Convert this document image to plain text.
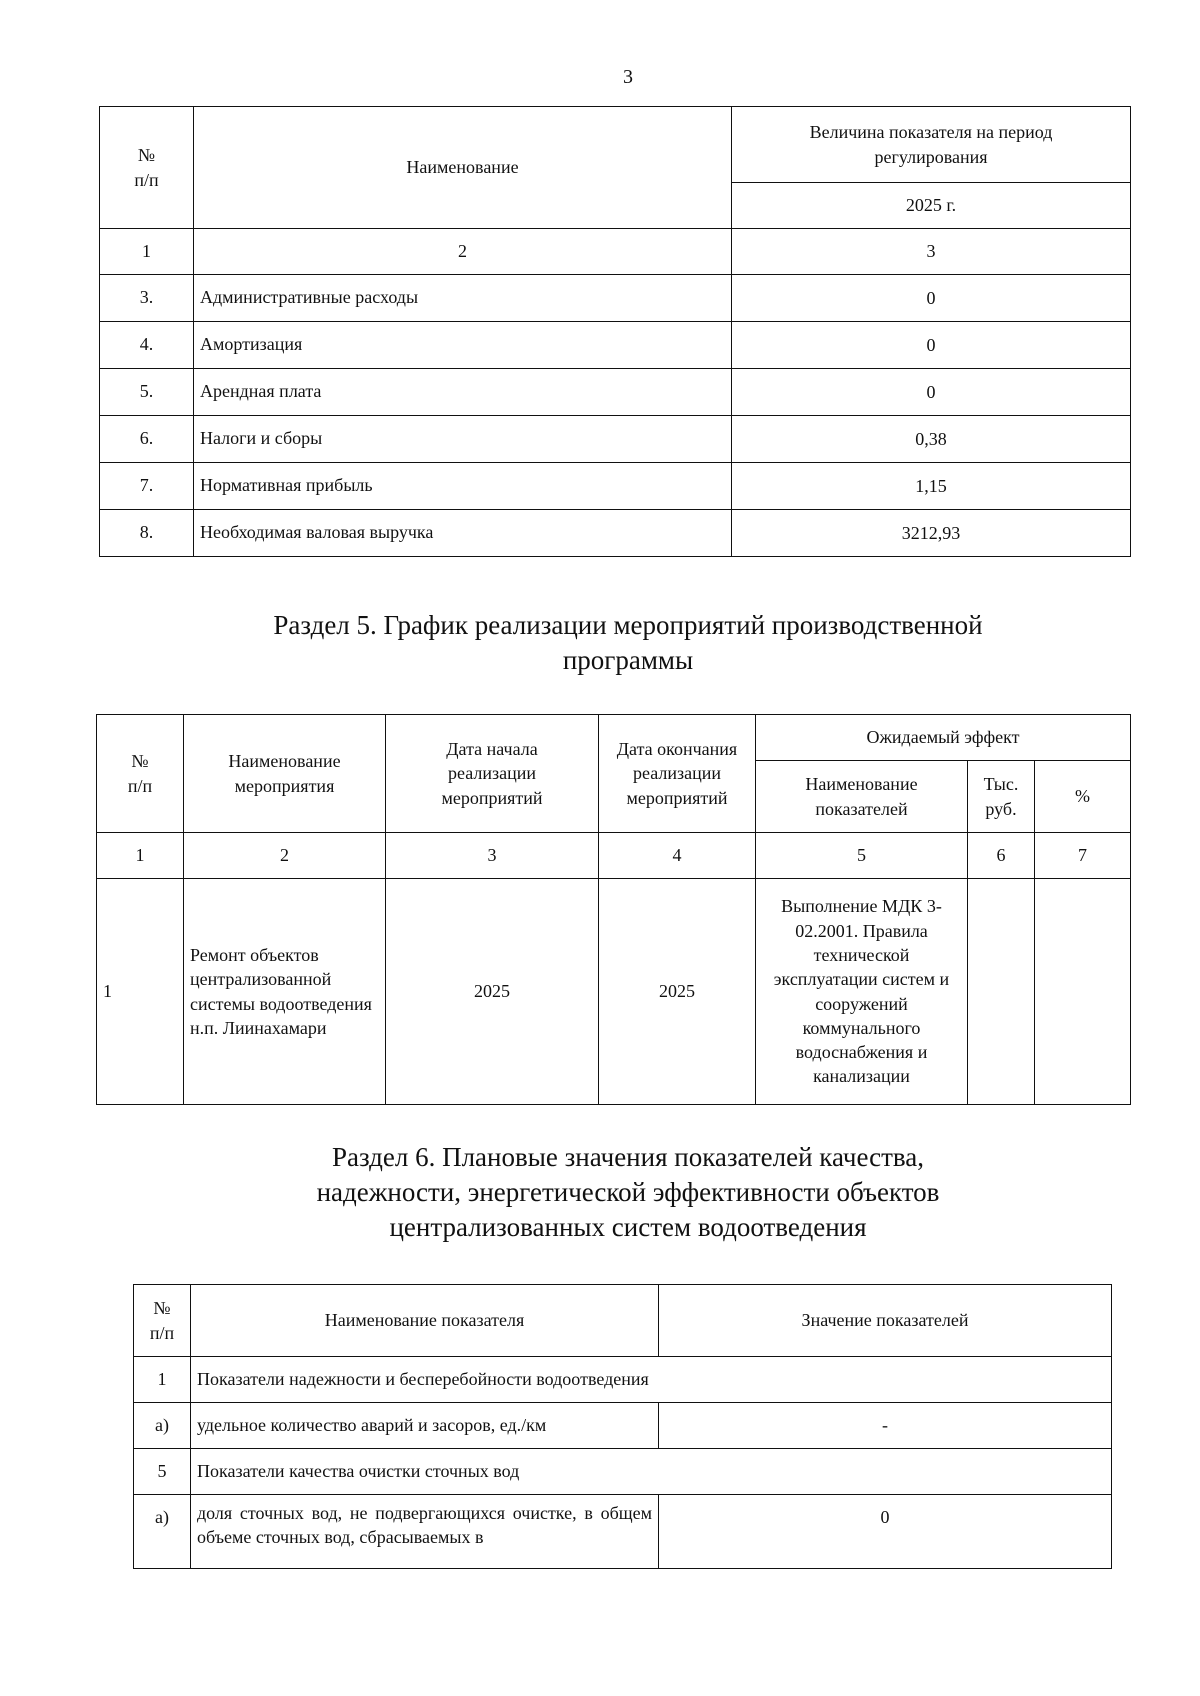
3
№
п/п	Наименование	Величина показателя на период регулирования
		2025 г.
1	2	3
3.	Административные расходы	0
4.	Амортизация	0
5.	Арендная плата	0
6.	Налоги и сборы	0,38
7.	Нормативная прибыль	1,15
8.	Необходимая валовая выручка	3212,93
Раздел 5. График реализации мероприятий производственной программы
№
п/п	Наименование мероприятия	Дата начала реализации мероприятий	Дата окончания реализации мероприятий	Ожидаемый эффект		
				Наименование показателей	Тыс. руб.	%
1	2	3	4	5	6	7
1	Ремонт объектов централизованной системы водоотведения н.п. Лиинахамари	2025	2025	Выполнение МДК 3-02.2001. Правила технической эксплуатации систем и сооружений коммунального водоснабжения и канализации		
Раздел 6. Плановые значения показателей качества, надежности, энергетической эффективности объектов централизованных систем водоотведения
№
п/п	Наименование показателя	Значение показателей
1	Показатели надежности и бесперебойности водоотведения	
а)	удельное количество аварий и засоров, ед./км	-
5	Показатели качества очистки сточных вод	
а)	доля сточных вод, не подвергающихся очистке, в общем объеме сточных вод, сбрасываемых в	0
